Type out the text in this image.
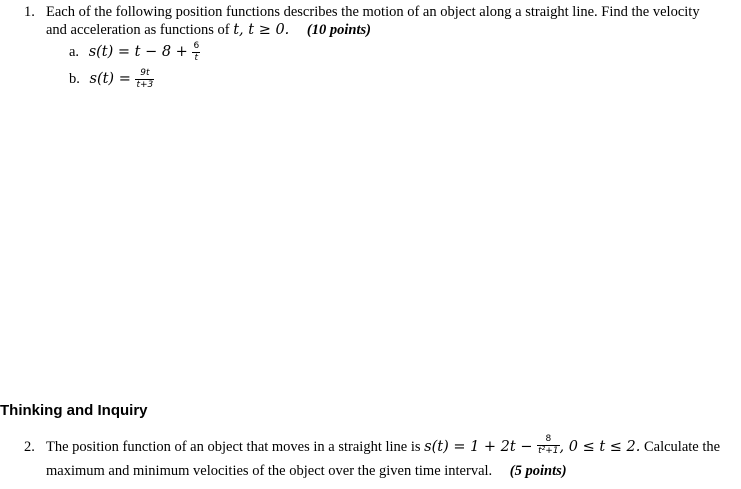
1. Each of the following position functions describes the motion of an object along a straight line. Find the velocity
and acceleration as functions of t, t ≥ 0. (10 points)
a. $s(t) = t - 8 + \frac{6}{t}$
b. $s(t) = \frac{9t}{t+3}$
Thinking and Inquiry
2. The position function of an object that moves in a straight line is $s(t) = 1 + 2t - \frac{8}{\text{t²+1}}$ , 0 ≤ t ≤ 2. Calculate the
maximum and minimum velocities of the object over the given time interval. (5 points)
